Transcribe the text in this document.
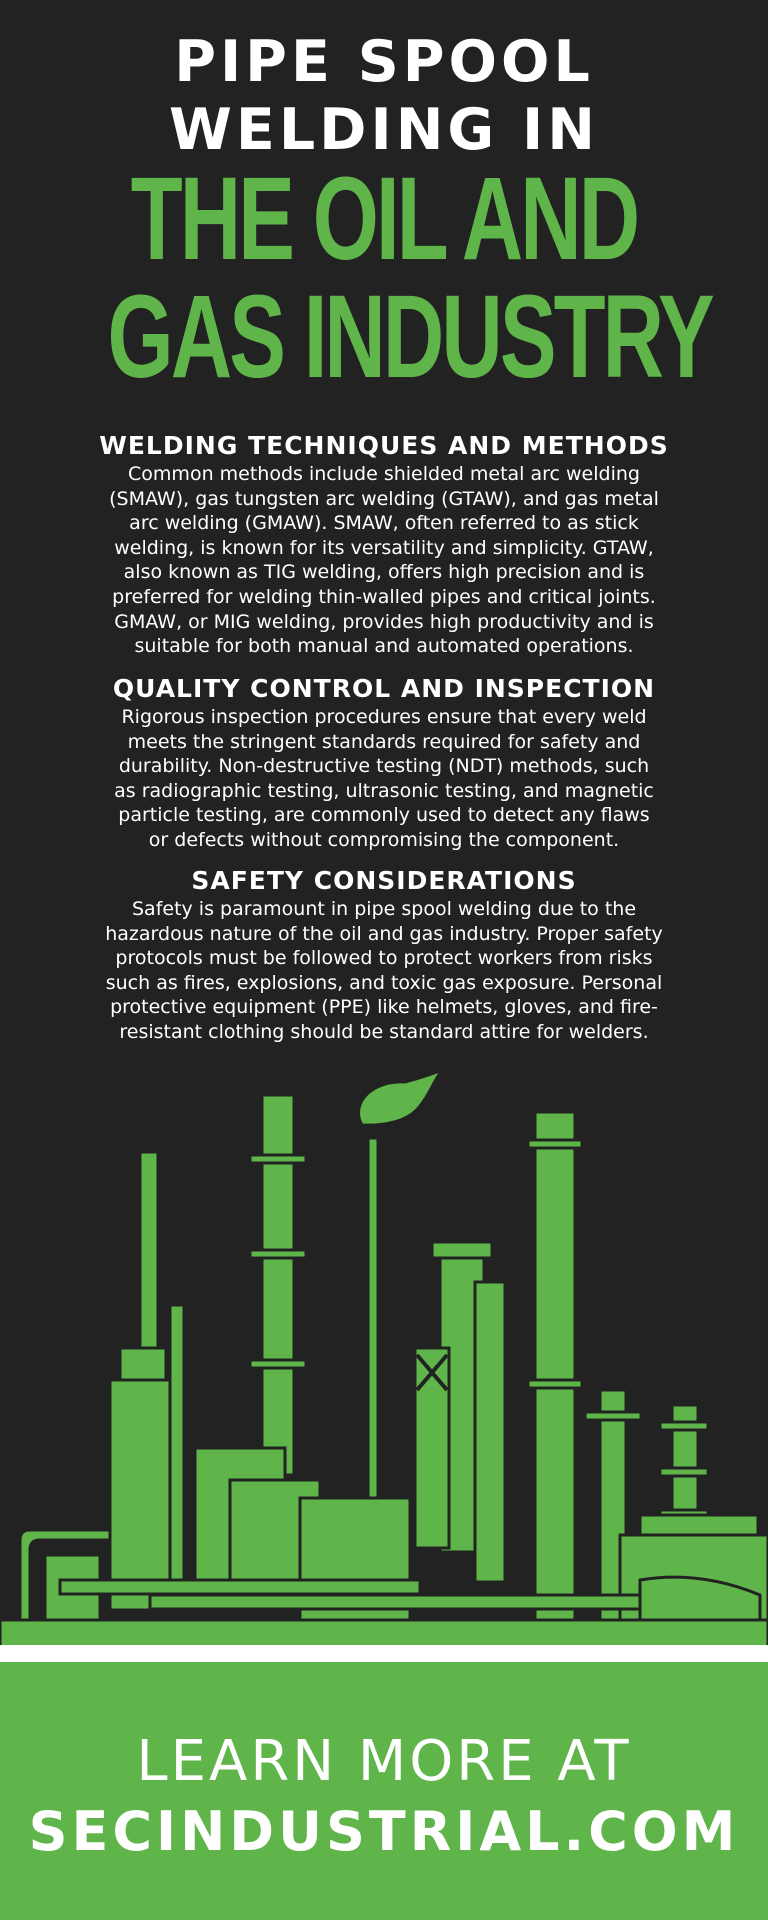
PIPE SPOOL
WELDING IN
THE OIL AND
GAS INDUSTRY
WELDING TECHNIQUES AND METHODS

Common methods include shielded metal arc welding
(SMAW), gas tungsten arc welding (GTAW), and gas metal
arc welding (GMAW). SMAW, often referred to as stick
welding, is known for its versatility and simplicity. GTAW,
also known as TIG welding, offers high precision and is
preferred for welding thin-walled pipes and critical joints.
GMAW, or MIG welding, provides high productivity and is
suitable for both manual and automated operations.

QUALITY CONTROL AND INSPECTION

Rigorous inspection procedures ensure that every weld
meets the stringent standards required for safety and
durability. Non-destructive testing (NDT) methods, such
as radiographic testing, ultrasonic testing, and magnetic
particle testing, are commonly used to detect any flaws
or defects without compromising the component.

SAFETY CONSIDERATIONS

Safety is paramount in pipe spool welding due to the
hazardous nature of the oil and gas industry. Proper safety
protocols must be followed to protect workers from risks
such as fires, explosions, and toxic gas exposure. Personal
protective equipment (PPE) like helmets, gloves, and fire-
resistant clothing should be standard attire for welders.

LEARN MORE AT
SECINDUSTRIAL.COM
